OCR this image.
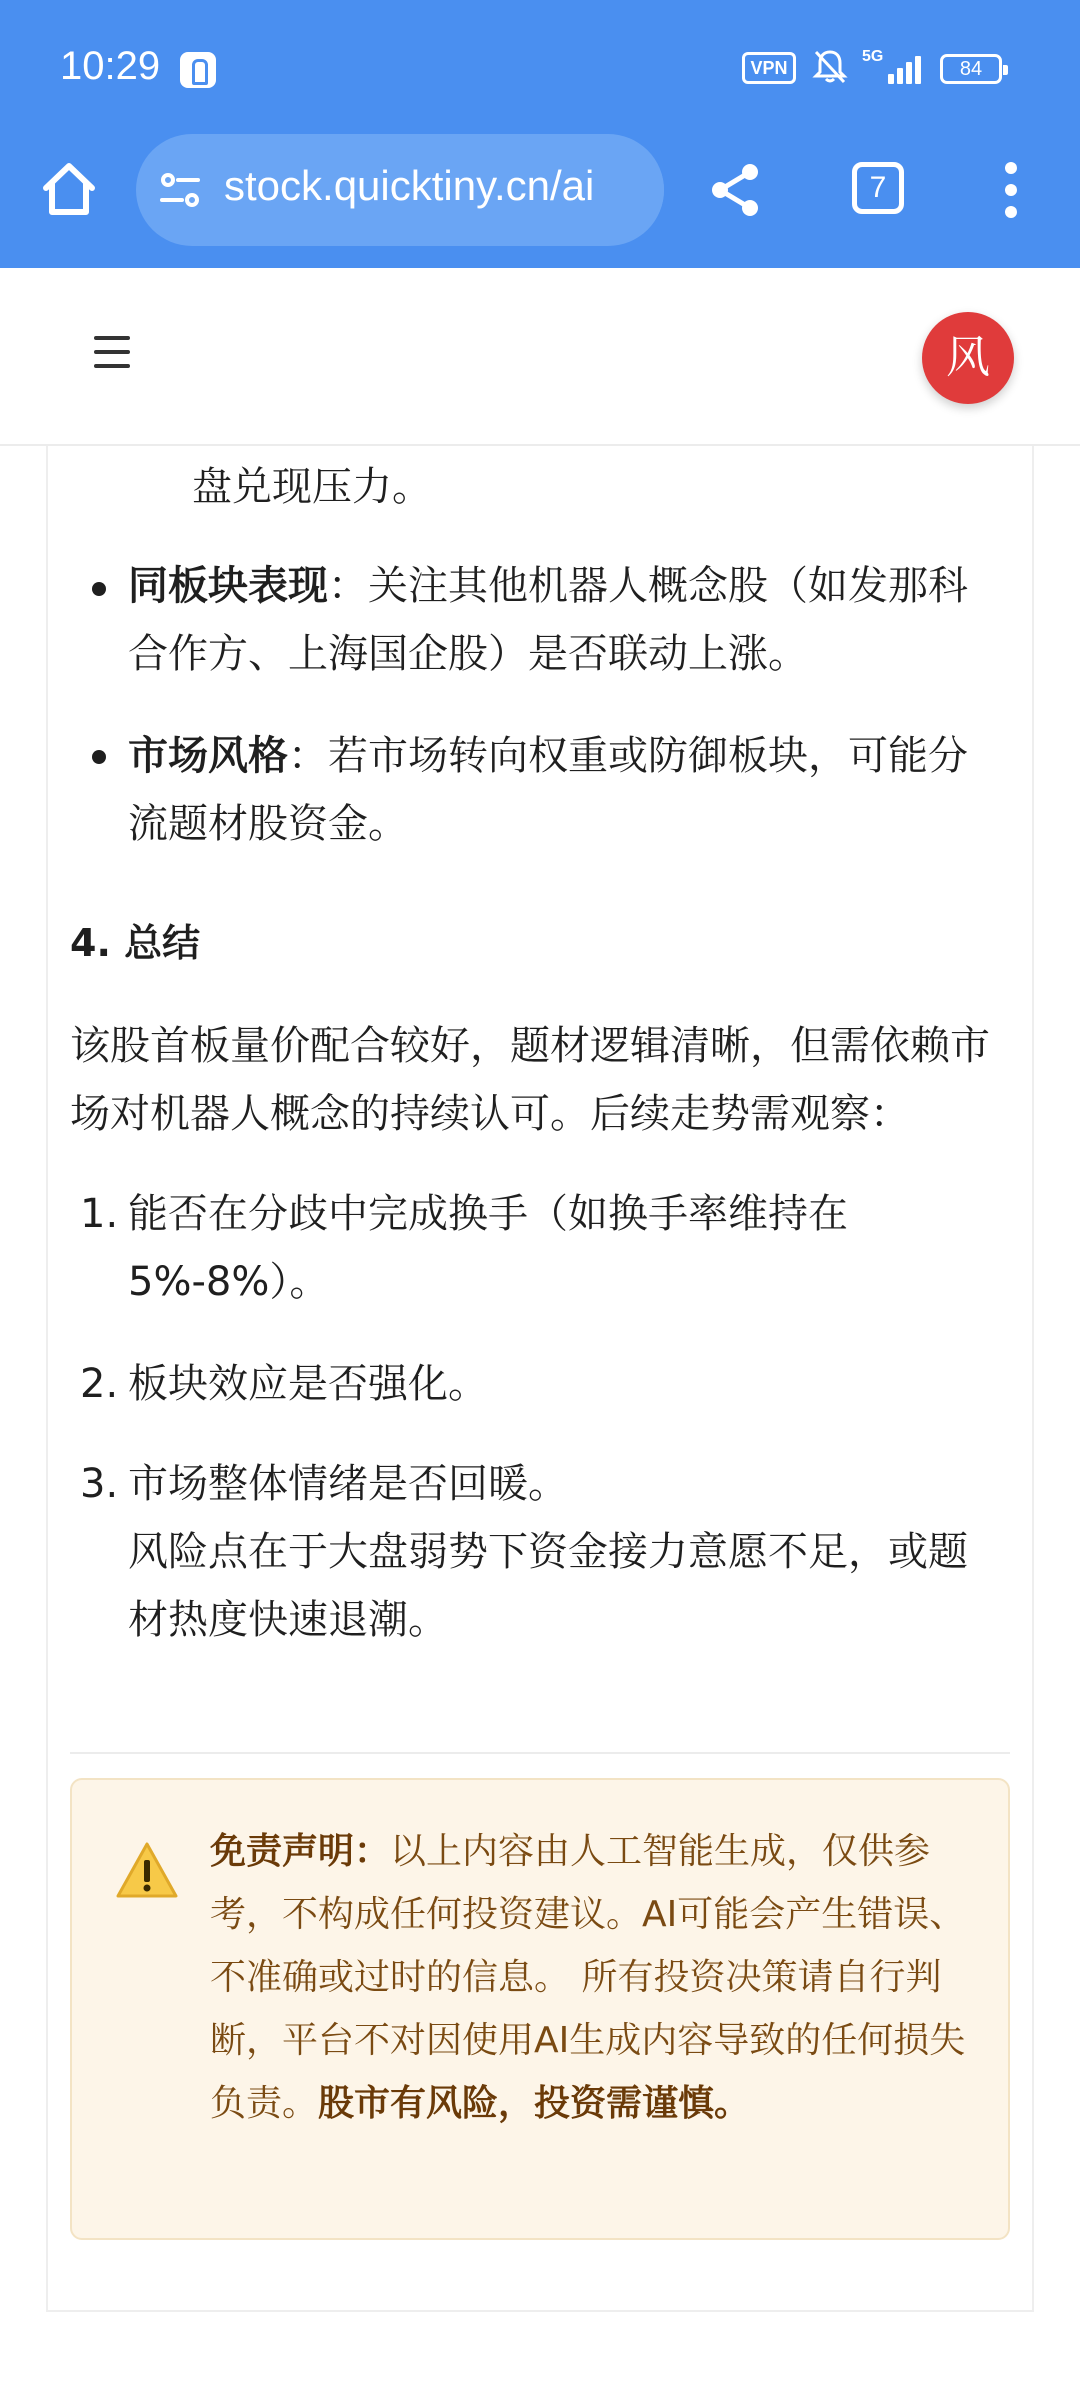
10:29	VPN
5G
84
stock.quicktiny.cn/ai	7
风
盘兑现压力。
同板块表现：关注其他机器人概念股（如发那科合作方、上海国企股）是否联动上涨。
市场风格：若市场转向权重或防御板块，可能分流题材股资金。
4. 总结
该股首板量价配合较好，题材逻辑清晰，但需依赖市场对机器人概念的持续认可。后续走势需观察：
1. 能否在分歧中完成换手（如换手率维持在5%-8%）。
2. 板块效应是否强化。
3. 市场整体情绪是否回暖。
风险点在于大盘弱势下资金接力意愿不足，或题材热度快速退潮。
免责声明：以上内容由人工智能生成，仅供参考，不构成任何投资建议。AI可能会产生错误、不准确或过时的信息。 所有投资决策请自行判断，平台不对因使用AI生成内容导致的任何损失负责。股市有风险，投资需谨慎。
